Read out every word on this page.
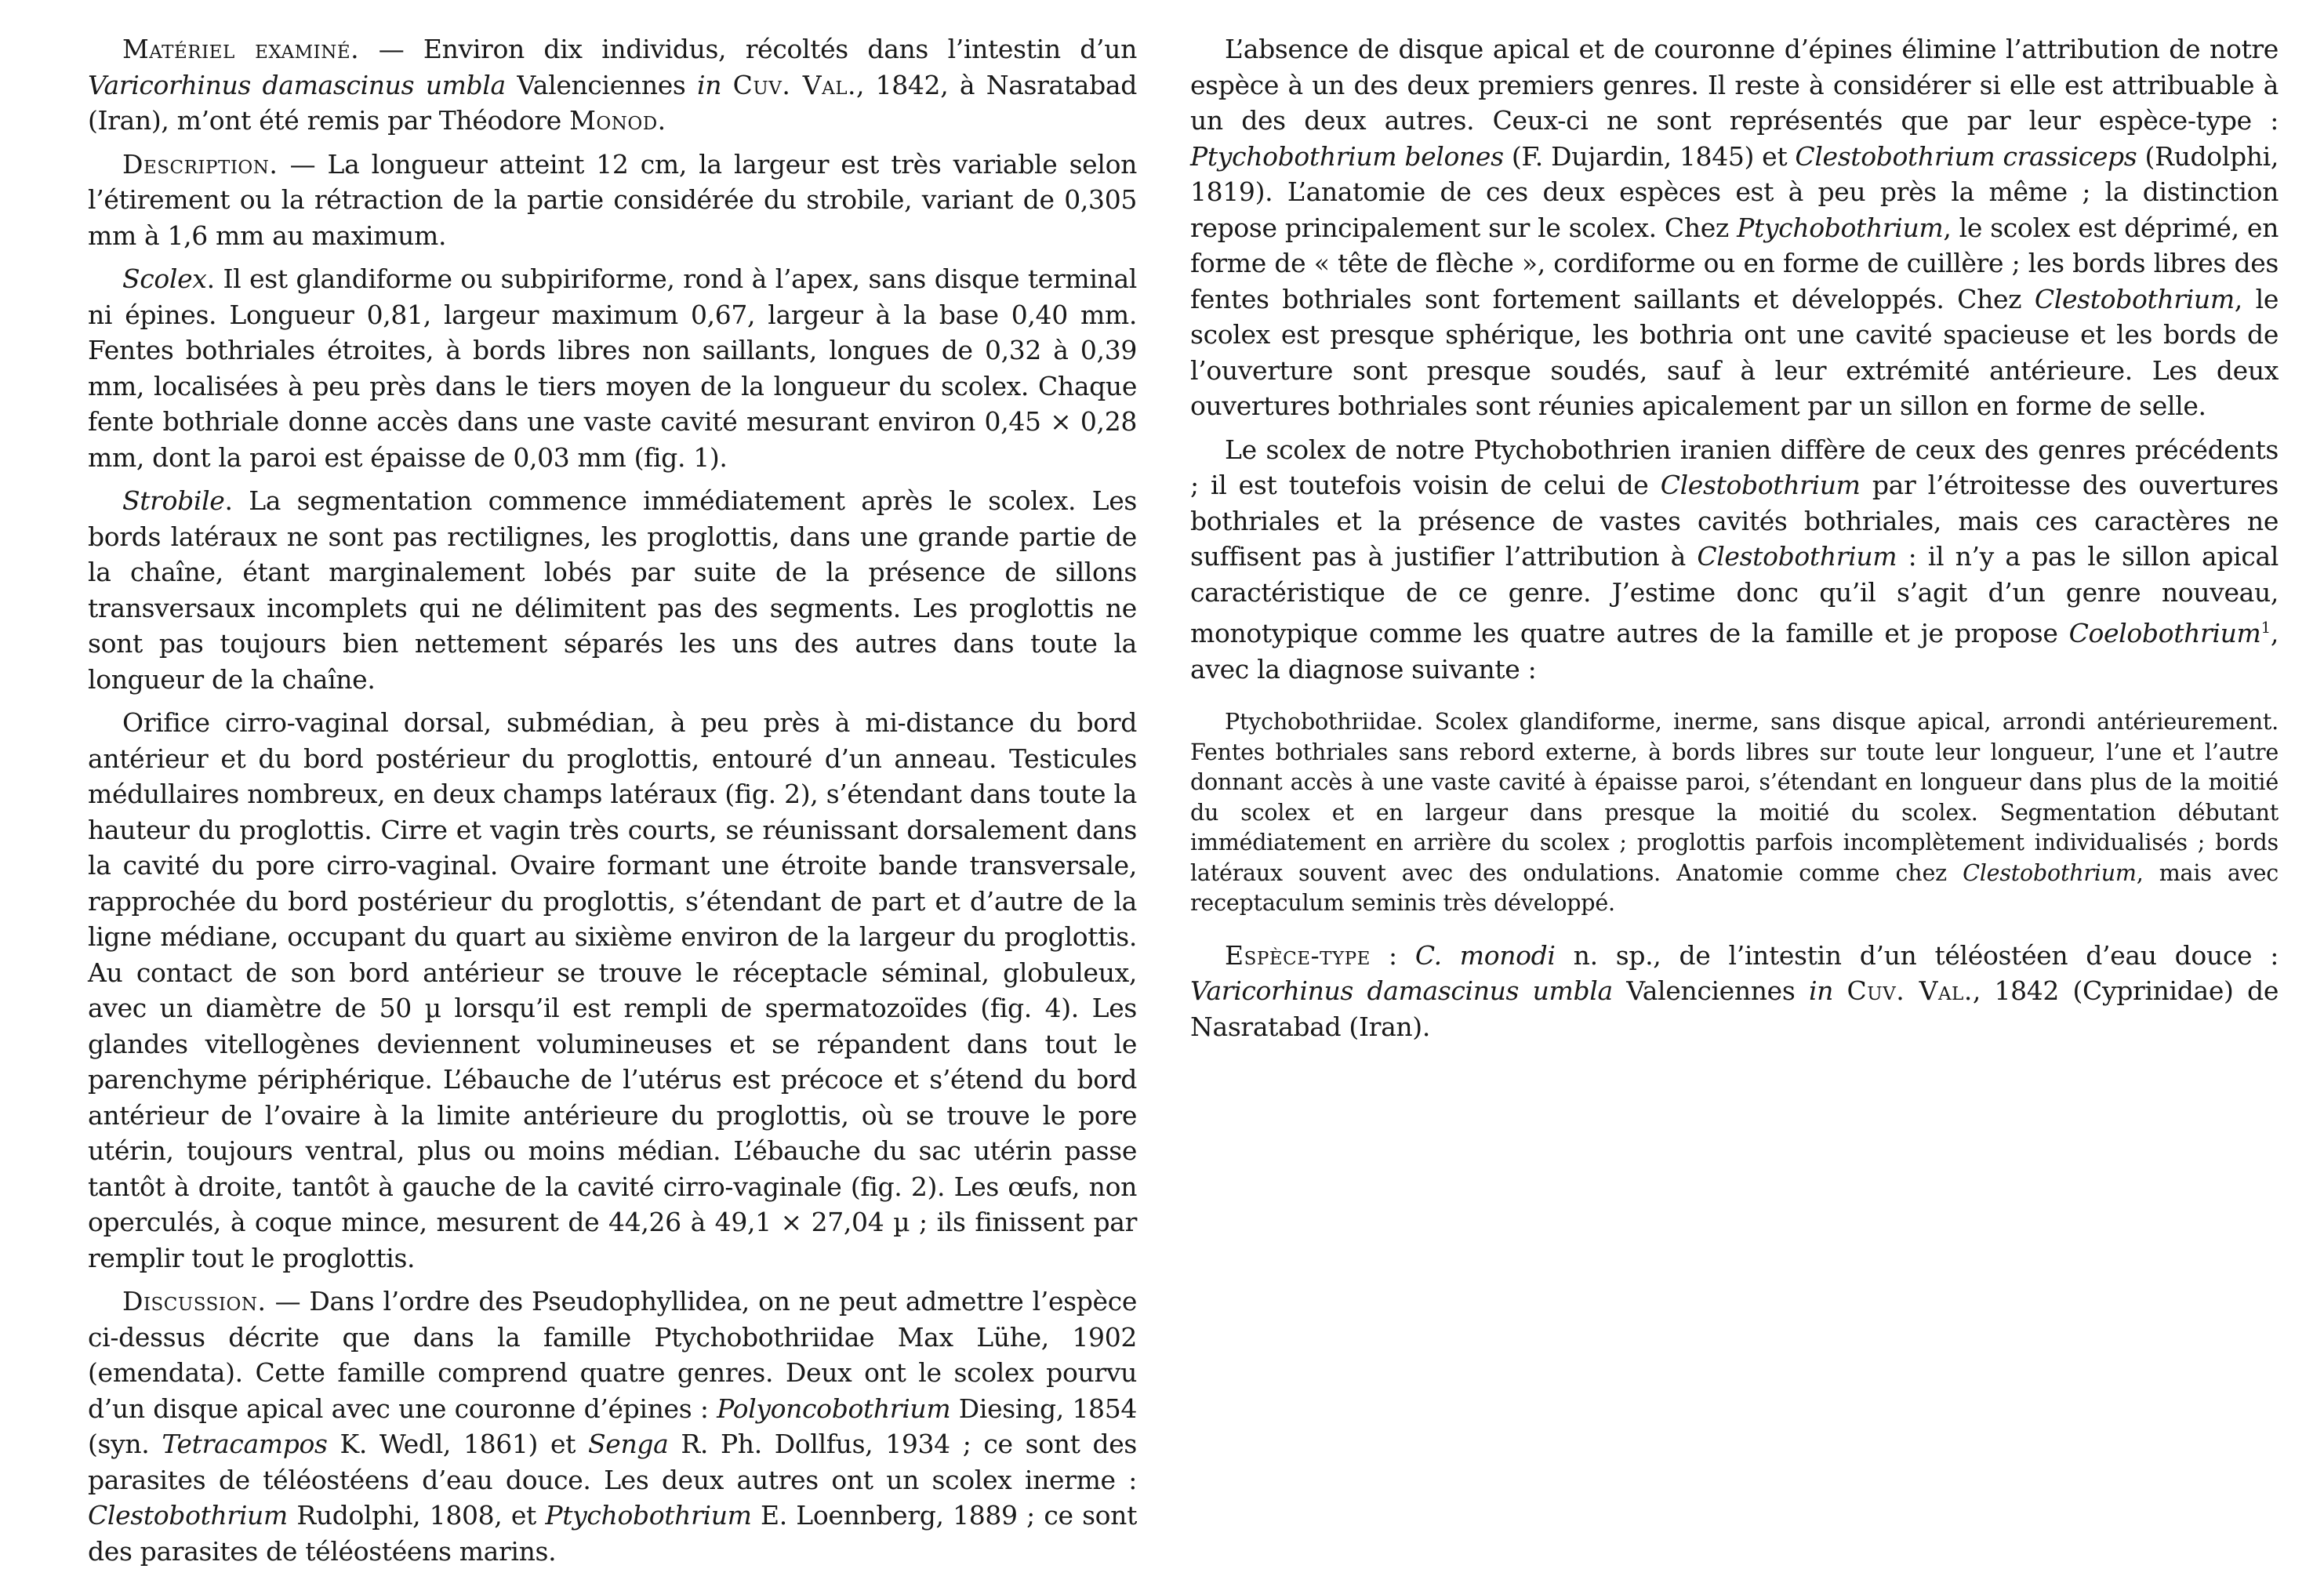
Matériel examiné. — Environ dix individus, récoltés dans l’intestin d’un Varicorhinus damascinus umbla Valenciennes in Cuv. Val., 1842, à Nasratabad (Iran), m’ont été remis par Théodore Monod.

Description. — La longueur atteint 12 cm, la largeur est très variable selon l’étirement ou la rétraction de la partie considérée du strobile, variant de 0,305 mm à 1,6 mm au maximum.

Scolex. Il est glandiforme ou subpiriforme, rond à l’apex, sans disque terminal ni épines. Longueur 0,81, largeur maximum 0,67, largeur à la base 0,40 mm. Fentes bothriales étroites, à bords libres non saillants, longues de 0,32 à 0,39 mm, localisées à peu près dans le tiers moyen de la longueur du scolex. Chaque fente bothriale donne accès dans une vaste cavité mesurant environ 0,45 × 0,28 mm, dont la paroi est épaisse de 0,03 mm (fig. 1).

Strobile. La segmentation commence immédiatement après le scolex. Les bords latéraux ne sont pas rectilignes, les proglottis, dans une grande partie de la chaîne, étant marginalement lobés par suite de la présence de sillons transversaux incomplets qui ne délimitent pas des segments. Les proglottis ne sont pas toujours bien nettement séparés les uns des autres dans toute la longueur de la chaîne.

Orifice cirro-vaginal dorsal, submédian, à peu près à mi-distance du bord antérieur et du bord postérieur du proglottis, entouré d’un anneau. Testicules médullaires nombreux, en deux champs latéraux (fig. 2), s’étendant dans toute la hauteur du proglottis. Cirre et vagin très courts, se réunissant dorsalement dans la cavité du pore cirro-vaginal. Ovaire formant une étroite bande transversale, rapprochée du bord postérieur du proglottis, s’étendant de part et d’autre de la ligne médiane, occupant du quart au sixième environ de la largeur du proglottis. Au contact de son bord antérieur se trouve le réceptacle séminal, globuleux, avec un diamètre de 50 µ lorsqu’il est rempli de spermatozoïdes (fig. 4). Les glandes vitellogènes deviennent volumineuses et se répandent dans tout le parenchyme périphérique. L’ébauche de l’utérus est précoce et s’étend du bord antérieur de l’ovaire à la limite antérieure du proglottis, où se trouve le pore utérin, toujours ventral, plus ou moins médian. L’ébauche du sac utérin passe tantôt à droite, tantôt à gauche de la cavité cirro-vaginale (fig. 2). Les œufs, non operculés, à coque mince, mesurent de 44,26 à 49,1 × 27,04 µ ; ils finissent par remplir tout le proglottis.

Discussion. — Dans l’ordre des Pseudophyllidea, on ne peut admettre l’espèce ci-dessus décrite que dans la famille Ptychobothriidae Max Lühe, 1902 (emendata). Cette famille comprend quatre genres. Deux ont le scolex pourvu d’un disque apical avec une couronne d’épines : Polyoncobothrium Diesing, 1854 (syn. Tetracampos K. Wedl, 1861) et Senga R. Ph. Dollfus, 1934 ; ce sont des parasites de téléostéens d’eau douce. Les deux autres ont un scolex inerme : Clestobothrium Rudolphi, 1808, et Ptychobothrium E. Loennberg, 1889 ; ce sont des parasites de téléostéens marins.

L’absence de disque apical et de couronne d’épines élimine l’attribution de notre espèce à un des deux premiers genres. Il reste à considérer si elle est attribuable à un des deux autres. Ceux-ci ne sont représentés que par leur espèce-type : Ptychobothrium belones (F. Dujardin, 1845) et Clestobothrium crassiceps (Rudolphi, 1819). L’anatomie de ces deux espèces est à peu près la même ; la distinction repose principalement sur le scolex. Chez Ptychobothrium, le scolex est déprimé, en forme de « tête de flèche », cordiforme ou en forme de cuillère ; les bords libres des fentes bothriales sont fortement saillants et développés. Chez Clestobothrium, le scolex est presque sphérique, les bothria ont une cavité spacieuse et les bords de l’ouverture sont presque soudés, sauf à leur extrémité antérieure. Les deux ouvertures bothriales sont réunies apicalement par un sillon en forme de selle.

Le scolex de notre Ptychobothrien iranien diffère de ceux des genres précédents ; il est toutefois voisin de celui de Clestobothrium par l’étroitesse des ouvertures bothriales et la présence de vastes cavités bothriales, mais ces caractères ne suffisent pas à justifier l’attribution à Clestobothrium : il n’y a pas le sillon apical caractéristique de ce genre. J’estime donc qu’il s’agit d’un genre nouveau, monotypique comme les quatre autres de la famille et je propose Coelobothrium$^1$, avec la diagnose suivante :

Ptychobothriidae. Scolex glandiforme, inerme, sans disque apical, arrondi antérieurement. Fentes bothriales sans rebord externe, à bords libres sur toute leur longueur, l’une et l’autre donnant accès à une vaste cavité à épaisse paroi, s’étendant en longueur dans plus de la moitié du scolex et en largeur dans presque la moitié du scolex. Segmentation débutant immédiatement en arrière du scolex ; proglottis parfois incomplètement individualisés ; bords latéraux souvent avec des ondulations. Anatomie comme chez Clestobothrium, mais avec receptaculum seminis très développé.

Espèce-type : C. monodi n. sp., de l’intestin d’un téléostéen d’eau douce : Varicorhinus damascinus umbla Valenciennes in Cuv. Val., 1842 (Cyprinidae) de Nasratabad (Iran).
